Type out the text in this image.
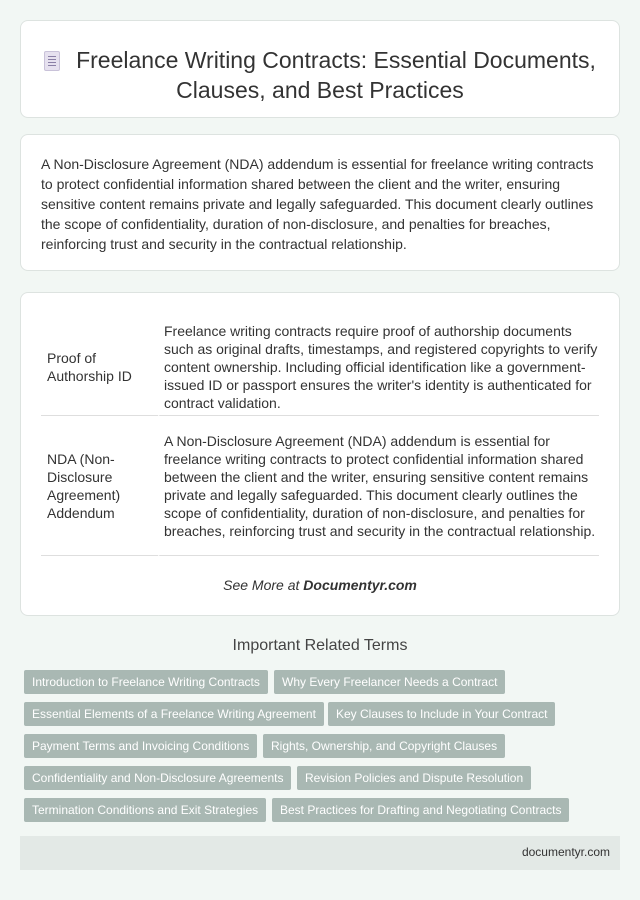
Freelance Writing Contracts: Essential Documents, Clauses, and Best Practices

A Non-Disclosure Agreement (NDA) addendum is essential for freelance writing contracts to protect confidential information shared between the client and the writer, ensuring sensitive content remains private and legally safeguarded. This document clearly outlines the scope of confidentiality, duration of non-disclosure, and penalties for breaches, reinforcing trust and security in the contractual relationship.

Proof of Authorship ID	Freelance writing contracts require proof of authorship documents such as original drafts, timestamps, and registered copyrights to verify content ownership. Including official identification like a government-issued ID or passport ensures the writer's identity is authenticated for contract validation.
NDA (Non-Disclosure Agreement) Addendum	A Non-Disclosure Agreement (NDA) addendum is essential for freelance writing contracts to protect confidential information shared between the client and the writer, ensuring sensitive content remains private and legally safeguarded. This document clearly outlines the scope of confidentiality, duration of non-disclosure, and penalties for breaches, reinforcing trust and security in the contractual relationship.
See More at Documentyr.com
Important Related Terms
Introduction to Freelance Writing Contracts	Why Every Freelancer Needs a Contract
Essential Elements of a Freelance Writing Agreement	Key Clauses to Include in Your Contract
Payment Terms and Invoicing Conditions	Rights, Ownership, and Copyright Clauses
Confidentiality and Non-Disclosure Agreements	Revision Policies and Dispute Resolution
Termination Conditions and Exit Strategies	Best Practices for Drafting and Negotiating Contracts
documentyr.com
